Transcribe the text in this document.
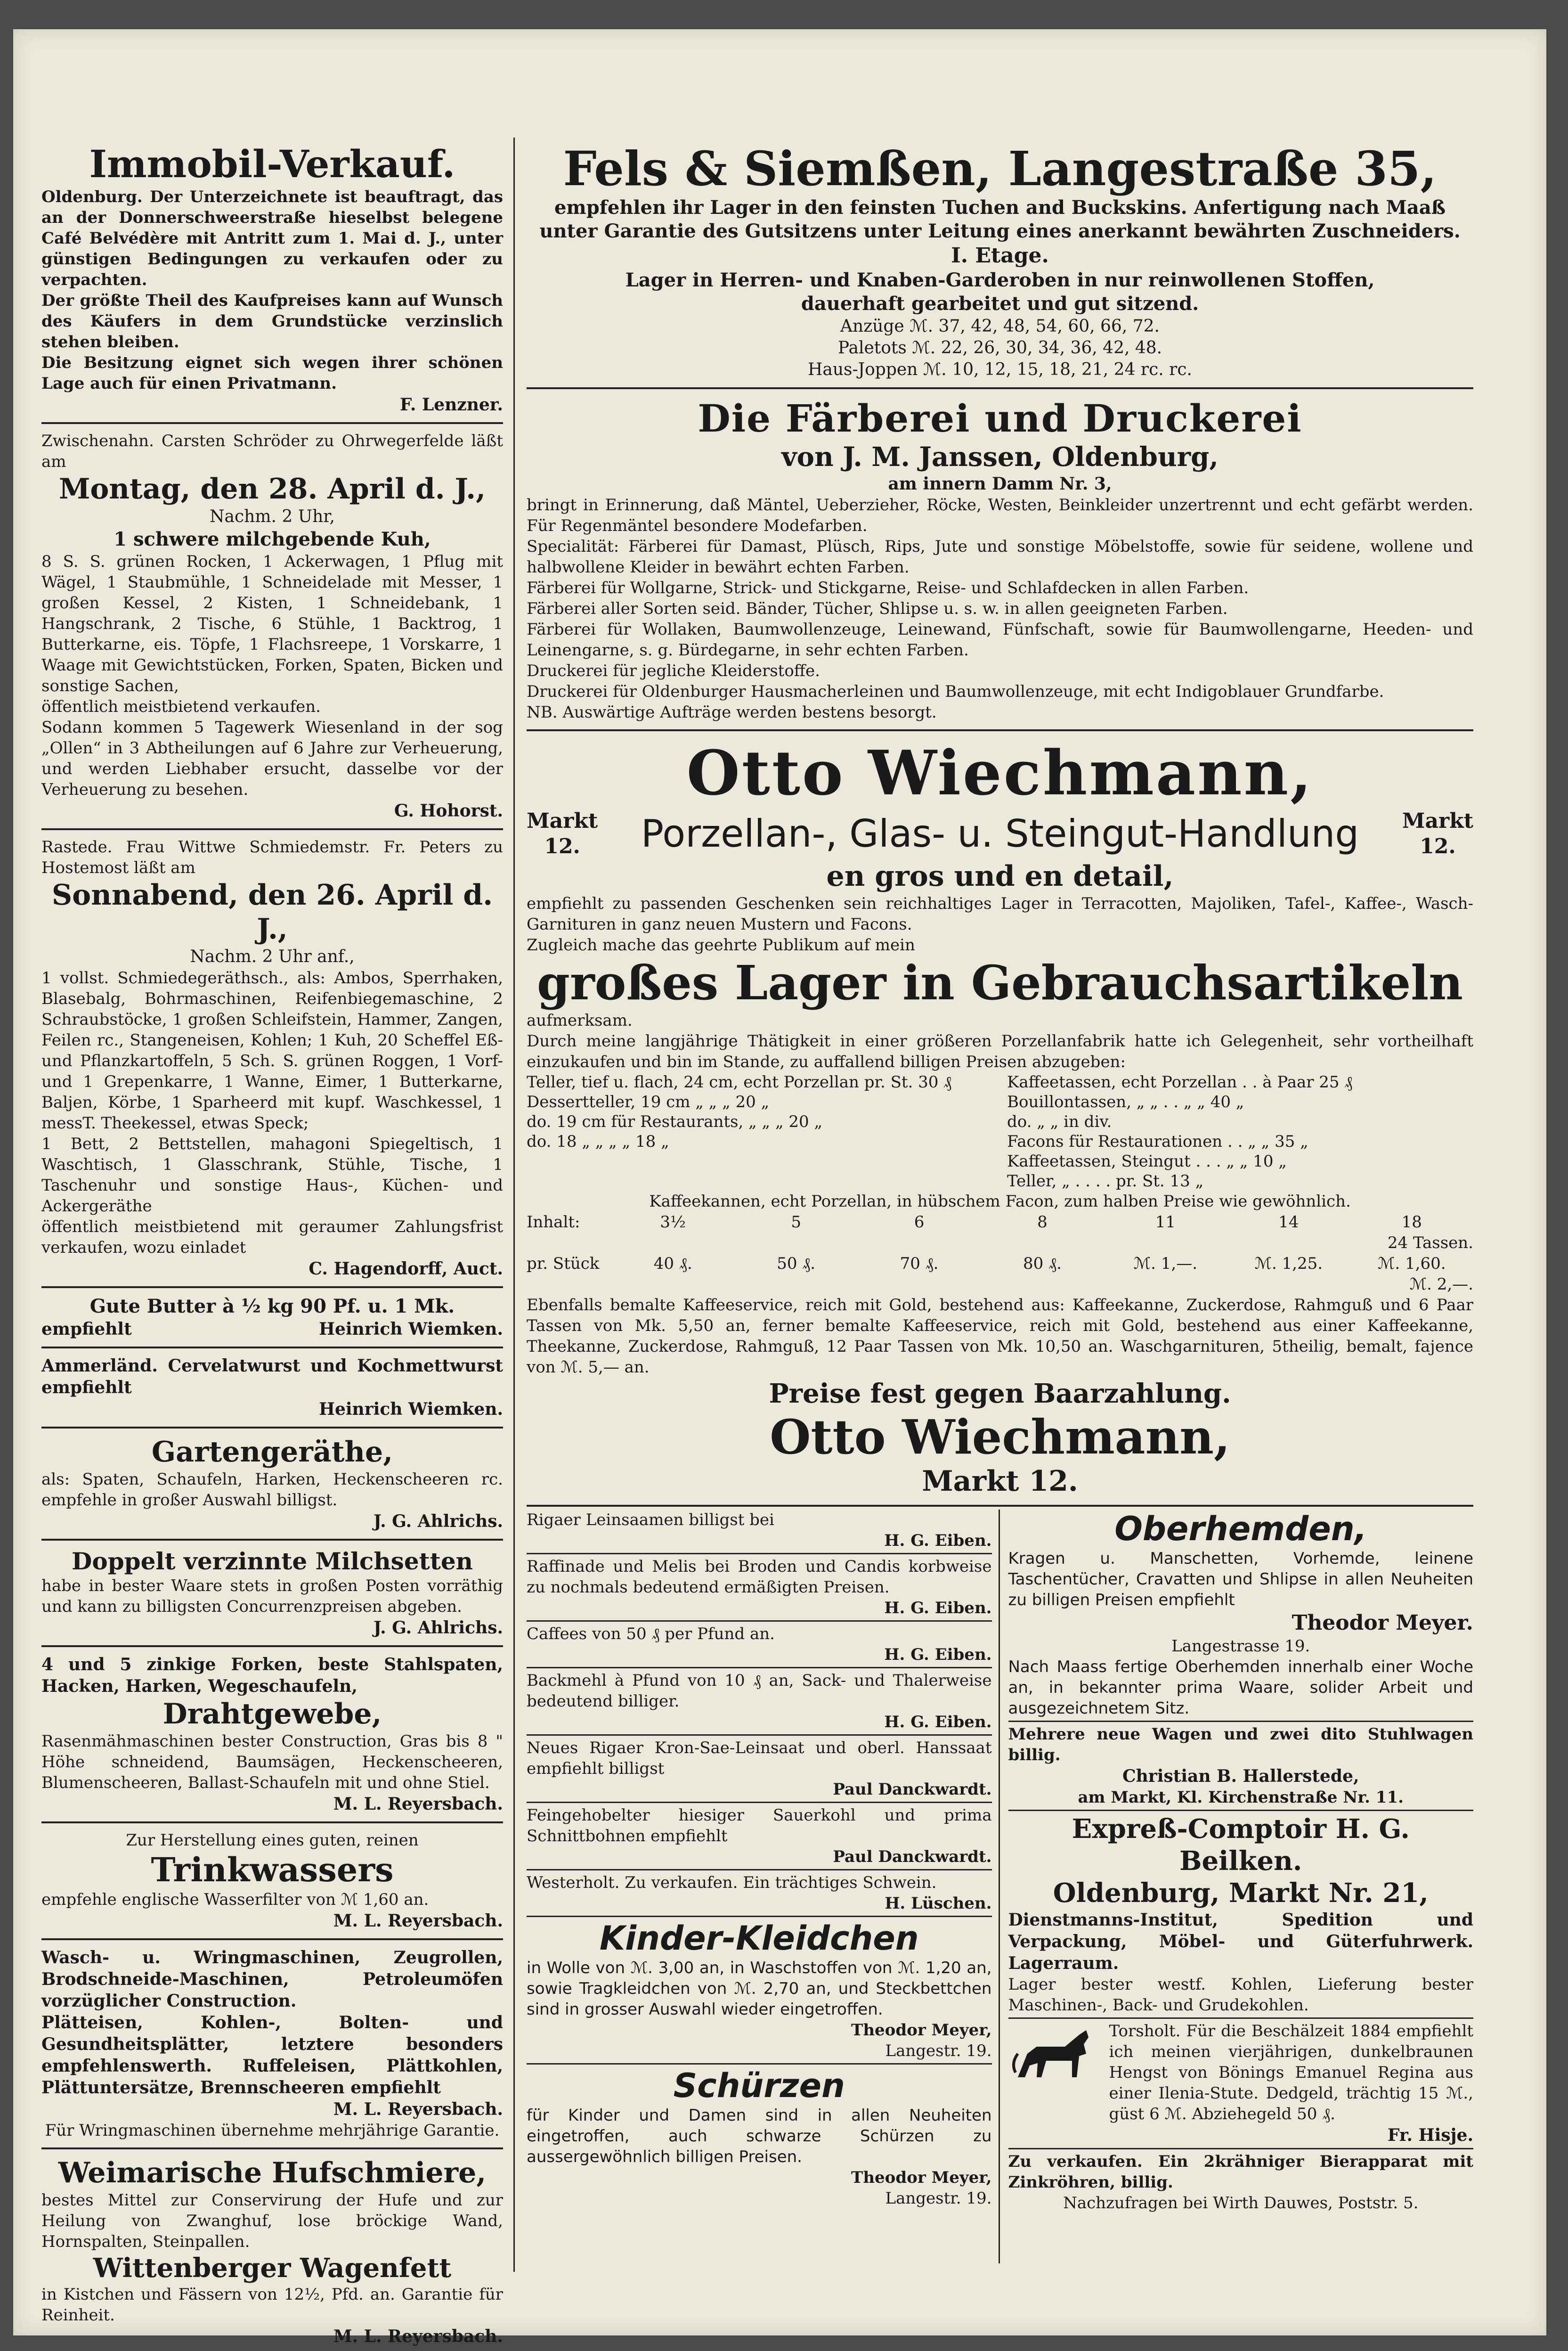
Immobil-Verkauf.

Oldenburg. Der Unterzeichnete ist beauftragt, das an der Donnerschweerstraße hieselbst belegene Café Belvédère mit Antritt zum 1. Mai d. J., unter günstigen Bedingungen zu verkaufen oder zu verpachten.

Der größte Theil des Kaufpreises kann auf Wunsch des Käufers in dem Grundstücke verzinslich stehen bleiben.

Die Besitzung eignet sich wegen ihrer schönen Lage auch für einen Privatmann.

F. Lenzner.

Zwischenahn. Carsten Schröder zu Ohrwegerfelde läßt am

Montag, den 28. April d. J.,

Nachm. 2 Uhr,

1 schwere milchgebende Kuh,

8 S. S. grünen Rocken, 1 Ackerwagen, 1 Pflug mit Wägel, 1 Staubmühle, 1 Schneidelade mit Messer, 1 großen Kessel, 2 Kisten, 1 Schneidebank, 1 Hangschrank, 2 Tische, 6 Stühle, 1 Backtrog, 1 Butterkarne, eis. Töpfe, 1 Flachsreepe, 1 Vorskarre, 1 Waage mit Gewichtstücken, Forken, Spaten, Bicken und sonstige Sachen,

öffentlich meistbietend verkaufen.

Sodann kommen 5 Tagewerk Wiesenland in der sog „Ollen“ in 3 Abtheilungen auf 6 Jahre zur Verheuerung, und werden Liebhaber ersucht, dasselbe vor der Verheuerung zu besehen.

G. Hohorst.

Rastede. Frau Wittwe Schmiedemstr. Fr. Peters zu Hostemost läßt am

Sonnabend, den 26. April d. J.,

Nachm. 2 Uhr anf.,

1 vollst. Schmiedegeräthsch., als: Ambos, Sperrhaken, Blasebalg, Bohrmaschinen, Reifenbiegemaschine, 2 Schraubstöcke, 1 großen Schleifstein, Hammer, Zangen, Feilen rc., Stangeneisen, Kohlen; 1 Kuh, 20 Scheffel Eß- und Pflanzkartoffeln, 5 Sch. S. grünen Roggen, 1 Vorf- und 1 Grepenkarre, 1 Wanne, Eimer, 1 Butterkarne, Baljen, Körbe, 1 Sparheerd mit kupf. Waschkessel, 1 messT. Theekessel, etwas Speck;

1 Bett, 2 Bettstellen, mahagoni Spiegeltisch, 1 Waschtisch, 1 Glasschrank, Stühle, Tische, 1 Taschenuhr und sonstige Haus-, Küchen- und Ackergeräthe

öffentlich meistbietend mit geraumer Zahlungsfrist verkaufen, wozu einladet

C. Hagendorff, Auct.

Gute Butter à ½ kg 90 Pf. u. 1 Mk.

empfiehlt	Heinrich Wiemken.

Ammerländ. Cervelatwurst und Kochmettwurst empfiehlt

Heinrich Wiemken.

Gartengeräthe,

als: Spaten, Schaufeln, Harken, Heckenscheeren rc. empfehle in großer Auswahl billigst.

J. G. Ahlrichs.

Doppelt verzinnte Milchsetten

habe in bester Waare stets in großen Posten vorräthig und kann zu billigsten Concurrenzpreisen abgeben.

J. G. Ahlrichs.

4 und 5 zinkige Forken, beste Stahlspaten, Hacken, Harken, Wegeschaufeln,

Drahtgewebe,

Rasenmähmaschinen bester Construction, Gras bis 8 " Höhe schneidend, Baumsägen, Heckenscheeren, Blumenscheeren, Ballast-Schaufeln mit und ohne Stiel.

M. L. Reyersbach.

Zur Herstellung eines guten, reinen

Trinkwassers

empfehle englische Wasserfilter von ℳ 1,60 an.

M. L. Reyersbach.

Wasch- u. Wringmaschinen, Zeugrollen, Brodschneide-Maschinen, Petroleumöfen vorzüglicher Construction.

Plätteisen, Kohlen-, Bolten- und Gesundheitsplätter, letztere besonders empfehlenswerth. Ruffeleisen, Plättkohlen, Plättuntersätze, Brennscheeren empfiehlt

M. L. Reyersbach.

Für Wringmaschinen übernehme mehrjährige Garantie.

Weimarische Hufschmiere,

bestes Mittel zur Conservirung der Hufe und zur Heilung von Zwanghuf, lose bröckige Wand, Hornspalten, Steinpallen.

Wittenberger Wagenfett

in Kistchen und Fässern von 12½, Pfd. an. Garantie für Reinheit.

M. L. Reyersbach.

Fels & Siemßen, Langestraße 35,

empfehlen ihr Lager in den feinsten Tuchen and Buckskins. Anfertigung nach Maaß unter Garantie des Gutsitzens unter Leitung eines anerkannt bewährten Zuschneiders.

I. Etage.

Lager in Herren- und Knaben-Garderoben in nur reinwollenen Stoffen,

dauerhaft gearbeitet und gut sitzend.

Anzüge ℳ. 37, 42, 48, 54, 60, 66, 72.

Paletots ℳ. 22, 26, 30, 34, 36, 42, 48.

Haus-Joppen ℳ. 10, 12, 15, 18, 21, 24 rc. rc.

Die Färberei und Druckerei

von J. M. Janssen, Oldenburg,

am innern Damm Nr. 3,

bringt in Erinnerung, daß Mäntel, Ueberzieher, Röcke, Westen, Beinkleider unzertrennt und echt gefärbt werden. Für Regenmäntel besondere Modefarben.

Specialität: Färberei für Damast, Plüsch, Rips, Jute und sonstige Möbelstoffe, sowie für seidene, wollene und halbwollene Kleider in bewährt echten Farben.

Färberei für Wollgarne, Strick- und Stickgarne, Reise- und Schlafdecken in allen Farben.

Färberei aller Sorten seid. Bänder, Tücher, Shlipse u. s. w. in allen geeigneten Farben.

Färberei für Wollaken, Baumwollenzeuge, Leinewand, Fünfschaft, sowie für Baumwollengarne, Heeden- und Leinengarne, s. g. Bürdegarne, in sehr echten Farben.

Druckerei für jegliche Kleiderstoffe.

Druckerei für Oldenburger Hausmacherleinen und Baumwollenzeuge, mit echt Indigoblauer Grundfarbe.

NB. Auswärtige Aufträge werden bestens besorgt.

Otto Wiechmann,

Markt
12.	Porzellan-, Glas- u. Steingut-Handlung Markt
12.

en gros und en detail,

empfiehlt zu passenden Geschenken sein reichhaltiges Lager in Terracotten, Majoliken, Tafel-, Kaffee-, Wasch-Garnituren in ganz neuen Mustern und Facons.

Zugleich mache das geehrte Publikum auf mein

großes Lager in Gebrauchsartikeln

aufmerksam.

Durch meine langjährige Thätigkeit in einer größeren Porzellanfabrik hatte ich Gelegenheit, sehr vortheilhaft einzukaufen und bin im Stande, zu auffallend billigen Preisen abzugeben:

Teller, tief u. flach, 24 cm, echt Porzellan pr. St. 30 ₰

Dessertteller, 19 cm „ „ „ 20 „

do. 19 cm für Restaurants, „ „ „ 20 „

do. 18 „ „ „ „ 18 „

Kaffeetassen, echt Porzellan . . à Paar 25 ₰

Bouillontassen, „ „ . . „ „ 40 „

do. „ „ in div.

Facons für Restaurationen . . „ „ 35 „

Kaffeetassen, Steingut . . . „ „ 10 „

Teller, „ . . . . pr. St. 13 „

Kaffeekannen, echt Porzellan, in hübschem Facon, zum halben Preise wie gewöhnlich.

Inhalt:	3½	5	6	8	11	14	18
24 Tassen.
pr. Stück	40 ₰.	50 ₰.	70 ₰.	80 ₰.	ℳ. 1,—.	ℳ. 1,25.	ℳ. 1,60.
ℳ. 2,—.

Ebenfalls bemalte Kaffeeservice, reich mit Gold, bestehend aus: Kaffeekanne, Zuckerdose, Rahmguß und 6 Paar Tassen von Mk. 5,50 an, ferner bemalte Kaffeeservice, reich mit Gold, bestehend aus einer Kaffeekanne, Theekanne, Zuckerdose, Rahmguß, 12 Paar Tassen von Mk. 10,50 an. Waschgarnituren, 5theilig, bemalt, fajence von ℳ. 5,— an.

Preise fest gegen Baarzahlung.

Otto Wiechmann,

Markt 12.

Rigaer Leinsaamen billigst bei

H. G. Eiben.

Raffinade und Melis bei Broden und Candis korbweise zu nochmals bedeutend ermäßigten Preisen.

H. G. Eiben.

Caffees von 50 ₰ per Pfund an.

H. G. Eiben.

Backmehl à Pfund von 10 ₰ an, Sack- und Thalerweise bedeutend billiger.

H. G. Eiben.

Neues Rigaer Kron-Sae-Leinsaat und oberl. Hanssaat empfiehlt billigst

Paul Danckwardt.

Feingehobelter hiesiger Sauerkohl und prima Schnittbohnen empfiehlt

Paul Danckwardt.

Westerholt. Zu verkaufen. Ein trächtiges Schwein.

H. Lüschen.

Kinder-Kleidchen

in Wolle von ℳ. 3,00 an, in Waschstoffen von ℳ. 1,20 an, sowie Tragkleidchen von ℳ. 2,70 an, und Steckbettchen sind in grosser Auswahl wieder eingetroffen.

Theodor Meyer,

Langestr. 19.

Schürzen

für Kinder und Damen sind in allen Neuheiten eingetroffen, auch schwarze Schürzen zu aussergewöhnlich billigen Preisen.

Theodor Meyer,

Langestr. 19.

Oberhemden,

Kragen u. Manschetten, Vorhemde, leinene Taschentücher, Cravatten und Shlipse in allen Neuheiten zu billigen Preisen empfiehlt

Theodor Meyer.

Langestrasse 19.

Nach Maass fertige Oberhemden innerhalb einer Woche an, in bekannter prima Waare, solider Arbeit und ausgezeichnetem Sitz.

Mehrere neue Wagen und zwei dito Stuhlwagen billig.

Christian B. Hallerstede,

am Markt, Kl. Kirchenstraße Nr. 11.

Expreß-Comptoir H. G. Beilken.

Oldenburg, Markt Nr. 21,

Dienstmanns-Institut, Spedition und Verpackung, Möbel- und Güterfuhrwerk. Lagerraum.

Lager bester westf. Kohlen, Lieferung bester Maschinen-, Back- und Grudekohlen.

Torsholt. Für die Beschälzeit 1884 empfiehlt ich meinen vierjährigen, dunkelbraunen Hengst von Bönings Emanuel Regina aus einer Ilenia-Stute. Dedgeld, trächtig 15 ℳ., güst 6 ℳ. Abziehegeld 50 ₰.

Fr. Hisje.

Zu verkaufen. Ein 2krähniger Bierapparat mit Zinkröhren, billig.

Nachzufragen bei Wirth Dauwes, Poststr. 5.
